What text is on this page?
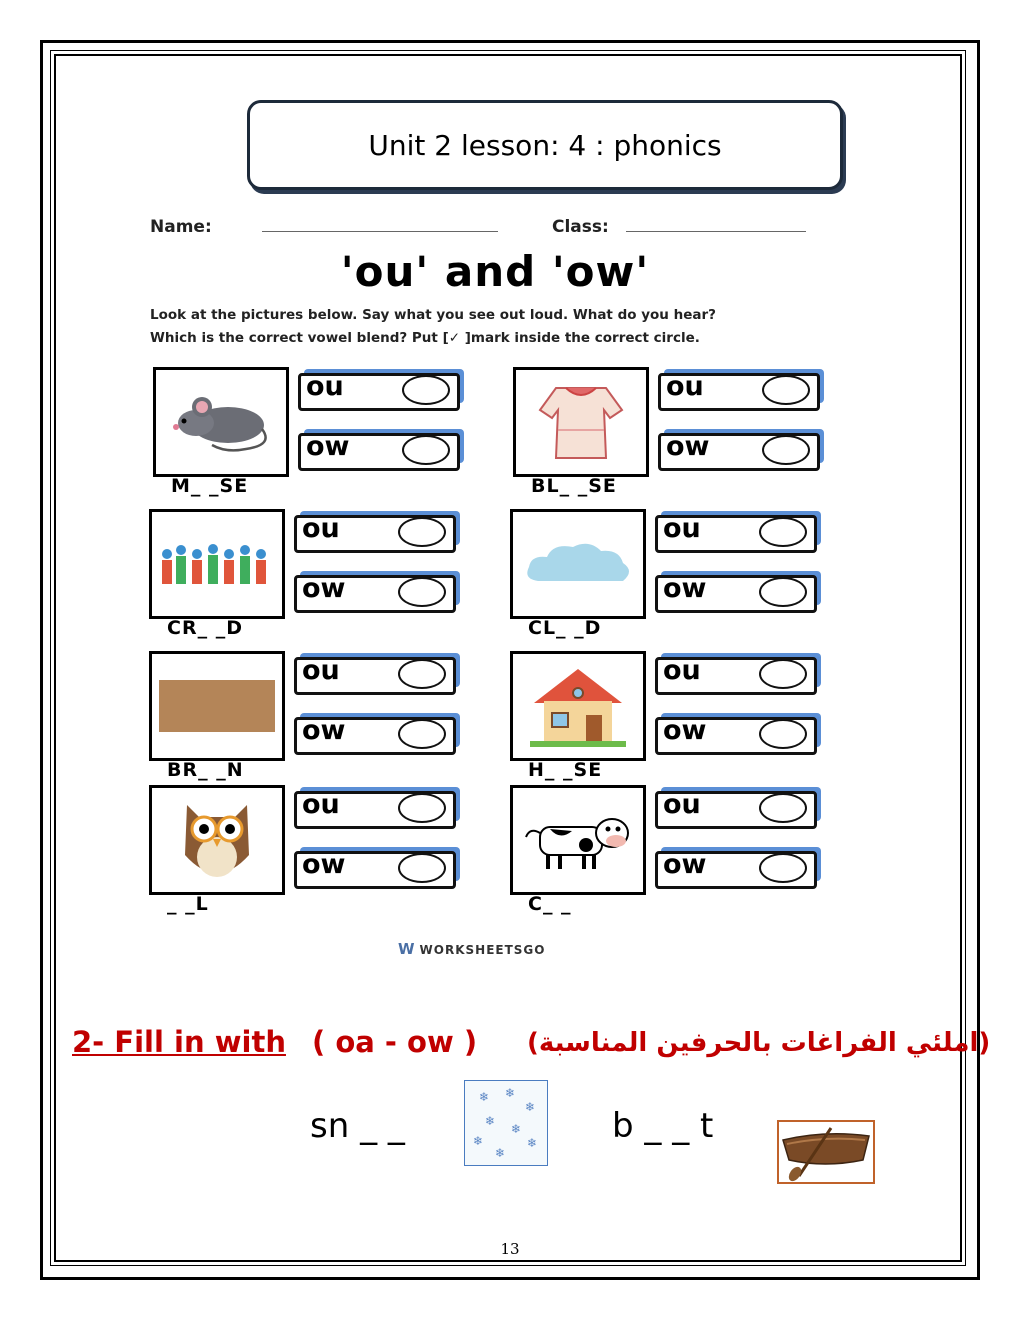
Unit 2 lesson: 4 : phonics
Name:	Class:
'ou' and 'ow'
Look at the pictures below. Say what you see out loud. What do you hear?
Which is the correct vowel blend? Put [✓ ]mark inside the correct circle.
M_ _SE
ou
ow
BL_ _SE
ou
ow
CR_ _D
ou
ow
CL_ _D
ou
ow
BR_ _N
ou
ow
H_ _SE
ou
ow
_ _L
ou
ow
C_ _
ou
ow
W WORKSHEETSGO
2- Fill in with ( oa - ow ) (املئي الفراغات بالحرفين المناسبة)
sn _ _
❄ ❄
❄
❄
❄
❄
❄
❄ b _ _ t
13
